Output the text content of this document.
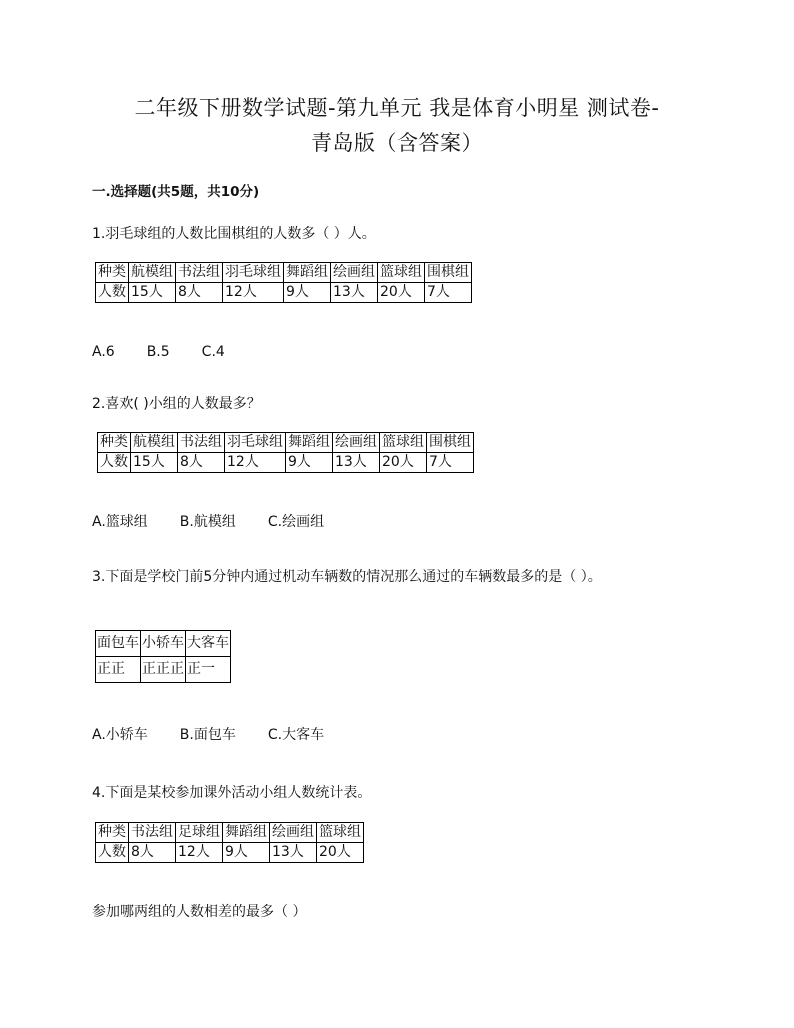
二年级下册数学试题-第九单元 我是体育小明星 测试卷-
青岛版（含答案）
一.选择题(共5题，共10分)
1.羽毛球组的人数比围棋组的人数多（ ）人。
种类	航模组	书法组	羽毛球组	舞蹈组	绘画组	篮球组	围棋组
人数	15人	8人	12人	9人	13人	20人	7人
A.6 B.5 C.4
2.喜欢( )小组的人数最多？
种类	航模组	书法组	羽毛球组	舞蹈组	绘画组	篮球组	围棋组
人数	15人	8人	12人	9人	13人	20人	7人
A.篮球组 B.航模组 C.绘画组
3.下面是学校门前5分钟内通过机动车辆数的情况那么通过的车辆数最多的是（ ）。
面包车	小轿车	大客车
正正	正正正	正一
A.小轿车 B.面包车 C.大客车
4.下面是某校参加课外活动小组人数统计表。
种类	书法组	足球组	舞蹈组	绘画组	篮球组
人数	8人	12人	9人	13人	20人
参加哪两组的人数相差的最多（ ）
